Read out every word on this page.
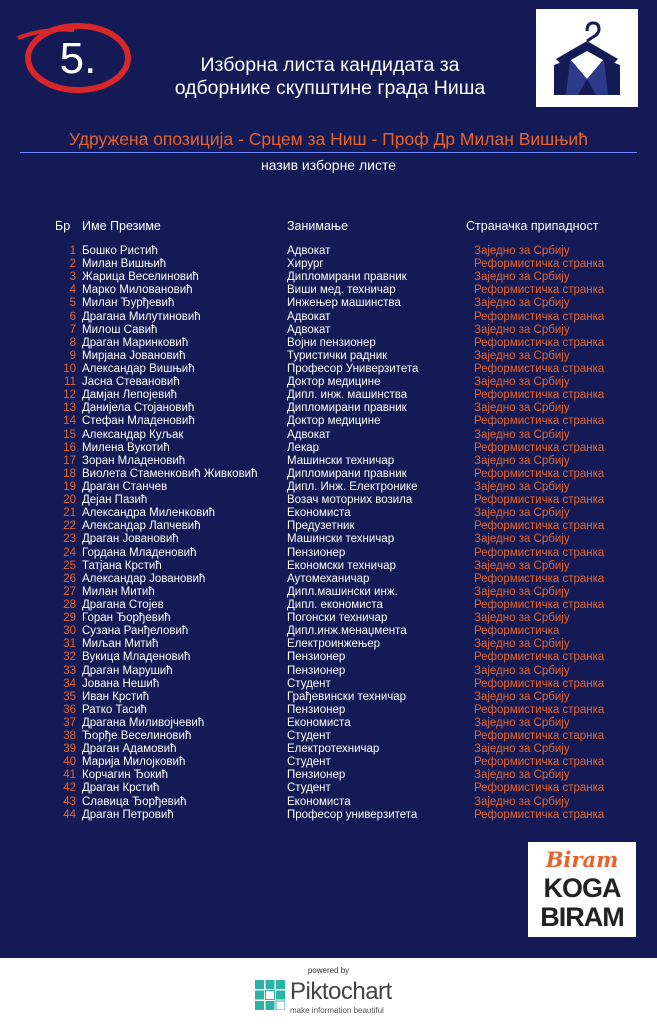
5.	Изборна листа кандидата за
одборнике скупштине града Ниша
Удружена опозиција - Срцем за Ниш - Проф Др Милан Вишњић
назив изборне листе
Бр Име Презиме	Занимање	Страначка припадност
1 Бошко Ристић	Адвокат	Заједно за Србију
2 Милан Вишњић	Хирург	Реформистичка странка
3 Жарица Веселиновић	Дипломирани правник	Заједно за Србију
4 Марко Миловановић	Виши мед. техничар	Реформистичка странка
5 Милан Ђурђевић	Инжењер машинства	Заједно за Србију
6 Драгана Милутиновић	Адвокат	Реформистичка странка
7 Милош Савић	Адвокат	Заједно за Србију
8 Драган Маринковић	Војни пензионер	Реформистичка странка
9 Мирјана Јовановић	Туристички радник	Заједно за Србију
10 Александар Вишњић	Професор Универзитета	Реформистичка странка
11 Јасна Стевановић	Доктор медицине	Заједно за Србију
12 Дамјан Лепојевић	Дипл. инж. машинства	Реформистичка странка
13 Данијела Стојановић	Дипломирани правник	Заједно за Србију
14 Стефан Младеновић	Доктор медицине	Реформистичка странка
15 Александар Куљак	Адвокат	Заједно за Србију
16 Милена Вукотић	Лекар	Реформистичка странка
17 Зоран Младеновић	Машински техничар	Заједно за Србију
18 Виолета Стаменковић Живковић	Дипломирани правник	Реформистичка странка
19 Драган Станчев	Дипл. Инж. Електронике	Заједно за Србију
20 Дејан Пазић	Возач моторних возила	Реформистичка странка
21 Александра Миленковић	Економиста	Заједно за Србију
22 Александар Лапчевић	Предузетник	Реформистичка странка
23 Драган Јовановић	Машински техничар	Заједно за Србију
24 Гордана Младеновић	Пензионер	Реформистичка странка
25 Татјана Крстић	Економски техничар	Заједно за Србију
26 Александар Јовановић	Аутомеханичар	Реформистичка странка
27 Милан Митић	Дипл.машински инж.	Заједно за Србију
28 Драгана Стојев	Дипл. економиста	Реформистичка странка
29 Горан Ђорђевић	Погонски техничар	Заједно за Србију
30 Сузана Ранђеловић	Дипл.инж.менаџмента	Реформистичка
31 Миљан Митић	Електроинжењер	Заједно за Србију
32 Вукица Младеновић	Пензионер	Реформистичка странка
33 Драган Марушић	Пензионер	Заједно за Србију
34 Јована Нешић	Студент	Реформистичка странка
35 Иван Крстић	Грађевински техничар	Заједно за Србију
36 Ратко Тасић	Пензионер	Реформистичка странка
37 Драгана Миливојчевић	Економиста	Заједно за Србију
38 Ђорђе Веселиновић	Студент	Реформистичка старнка
39 Драган Адамовић	Електротехничар	Заједно за Србију
40 Марија Милојковић	Студент	Реформистичка странка
41 Корчагин Ђокић	Пензионер	Заједно за Србију
42 Драган Крстић	Студент	Реформистичка странка
43 Славица Ђорђевић	Економиста	Заједно за Србију
44 Драган Петровић	Професор универзитета	Реформистичка странка
Biram
KOGA
BIRAM
powered by
Piktochart
make information beautiful
